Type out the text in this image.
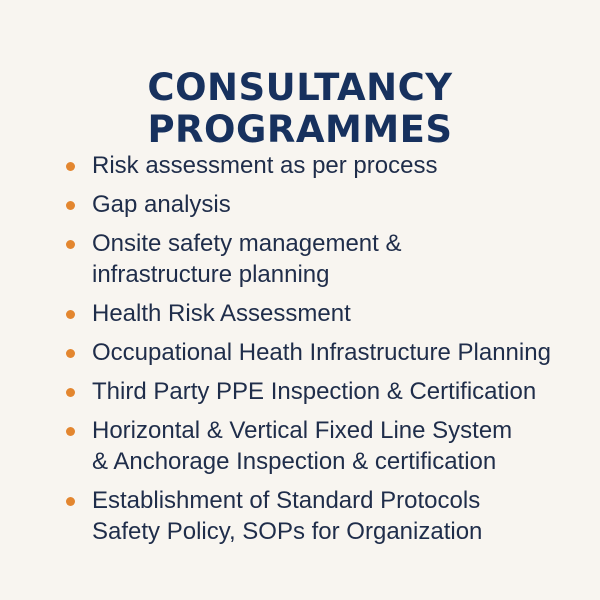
CONSULTANCY
PROGRAMMES
Risk assessment as per process
Gap analysis
Onsite safety management &
infrastructure planning
Health Risk Assessment
Occupational Heath Infrastructure Planning
Third Party PPE Inspection & Certification
Horizontal & Vertical Fixed Line System
& Anchorage Inspection & certification
Establishment of Standard Protocols
Safety Policy, SOPs for Organization
